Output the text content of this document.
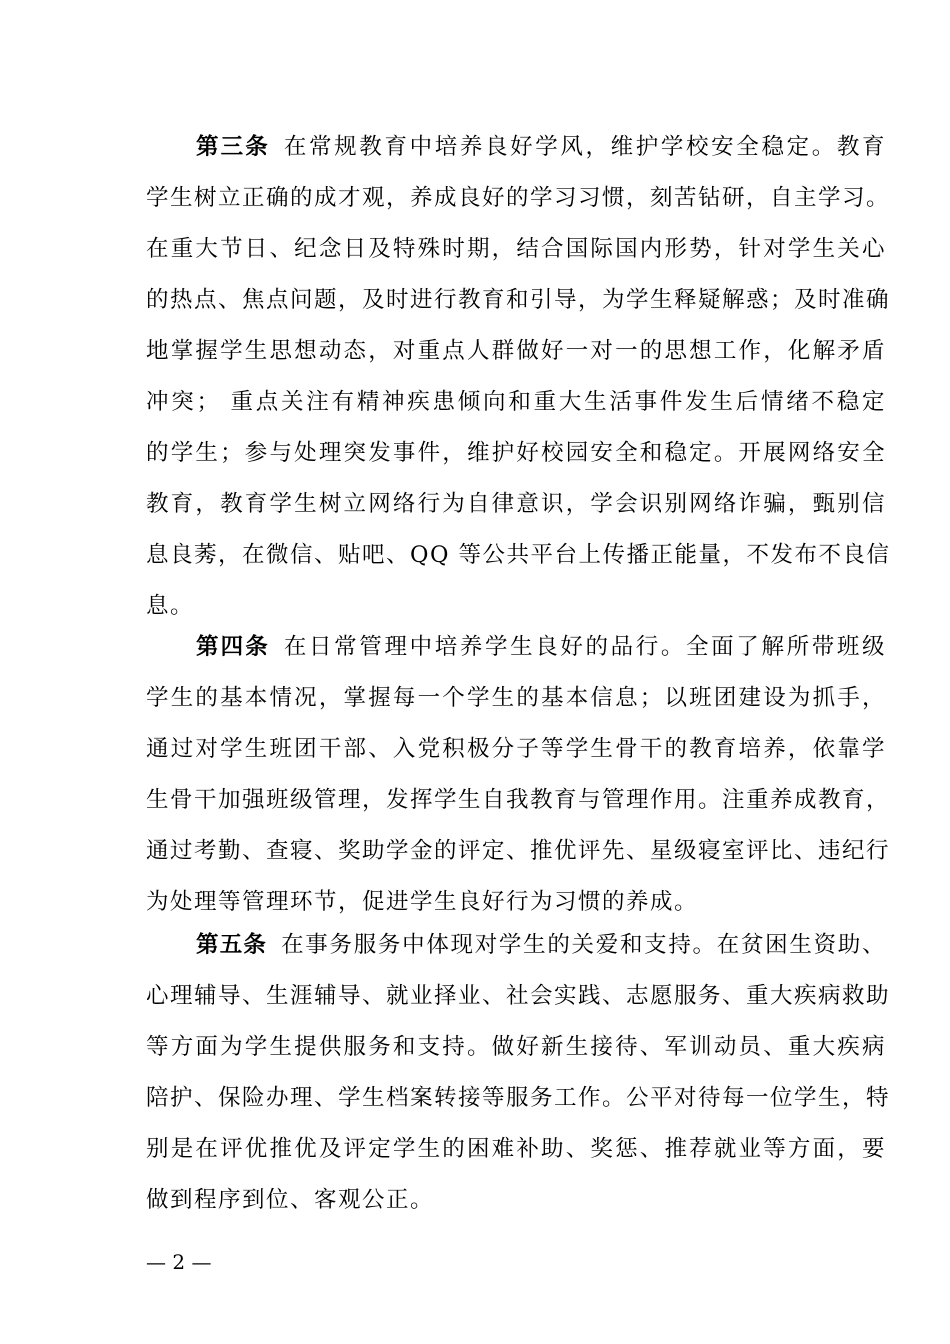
第三条 在常规教育中培养良好学风，维护学校安全稳定。教育
学生树立正确的成才观，养成良好的学习习惯，刻苦钻研，自主学习。
在重大节日、纪念日及特殊时期，结合国际国内形势，针对学生关心
的热点、焦点问题，及时进行教育和引导，为学生释疑解惑；及时准确
地掌握学生思想动态，对重点人群做好一对一的思想工作，化解矛盾
冲突； 重点关注有精神疾患倾向和重大生活事件发生后情绪不稳定
的学生；参与处理突发事件，维护好校园安全和稳定。开展网络安全
教育，教育学生树立网络行为自律意识，学会识别网络诈骗，甄别信
息良莠，在微信、贴吧、QQ 等公共平台上传播正能量，不发布不良信
息。
第四条 在日常管理中培养学生良好的品行。全面了解所带班级
学生的基本情况，掌握每一个学生的基本信息；以班团建设为抓手，
通过对学生班团干部、入党积极分子等学生骨干的教育培养，依靠学
生骨干加强班级管理，发挥学生自我教育与管理作用。注重养成教育，
通过考勤、查寝、奖助学金的评定、推优评先、星级寝室评比、违纪行
为处理等管理环节，促进学生良好行为习惯的养成。
第五条 在事务服务中体现对学生的关爱和支持。在贫困生资助、
心理辅导、生涯辅导、就业择业、社会实践、志愿服务、重大疾病救助
等方面为学生提供服务和支持。做好新生接待、军训动员、重大疾病
陪护、保险办理、学生档案转接等服务工作。公平对待每一位学生，特
别是在评优推优及评定学生的困难补助、奖惩、推荐就业等方面，要
做到程序到位、客观公正。
— 2 —
